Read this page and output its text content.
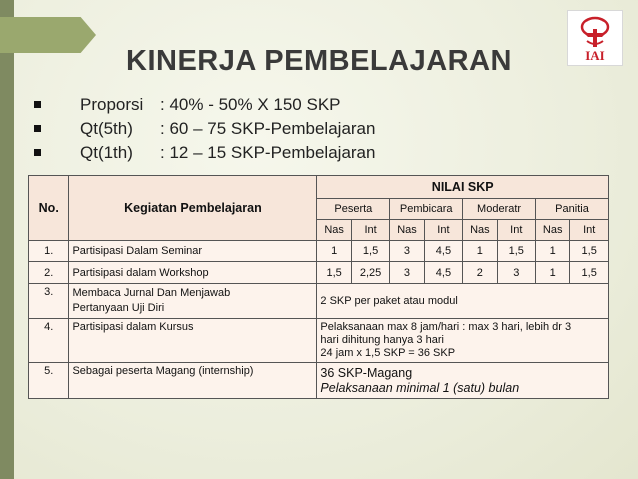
IAI
KINERJA PEMBELAJARAN
Proporsi : 40% - 50% X 150 SKP
Qt(5th) : 60 – 75 SKP-Pembelajaran
Qt(1th) : 12 – 15 SKP-Pembelajaran
No.	Kegiatan Pembelajaran	NILAI SKP							
		Peserta		Pembicara		Moderatr		Panitia	
		Nas	Int	Nas	Int	Nas	Int	Nas	Int
1.	Partisipasi Dalam Seminar	1	1,5	3	4,5	1	1,5	1	1,5
2.	Partisipasi dalam Workshop	1,5	2,25	3	4,5	2	3	1	1,5
3.	Membaca Jurnal Dan Menjawab
Pertanyaan Uji Diri	2 SKP per paket atau modul							
4.	Partisipasi dalam Kursus	Pelaksanaan max 8 jam/hari : max 3 hari, lebih dr 3
hari dihitung hanya 3 hari
24 jam x 1,5 SKP = 36 SKP							

5.	Sebagai peserta Magang (internship)	36 SKP-Magang
Pelaksanaan minimal 1 (satu) bulan							
